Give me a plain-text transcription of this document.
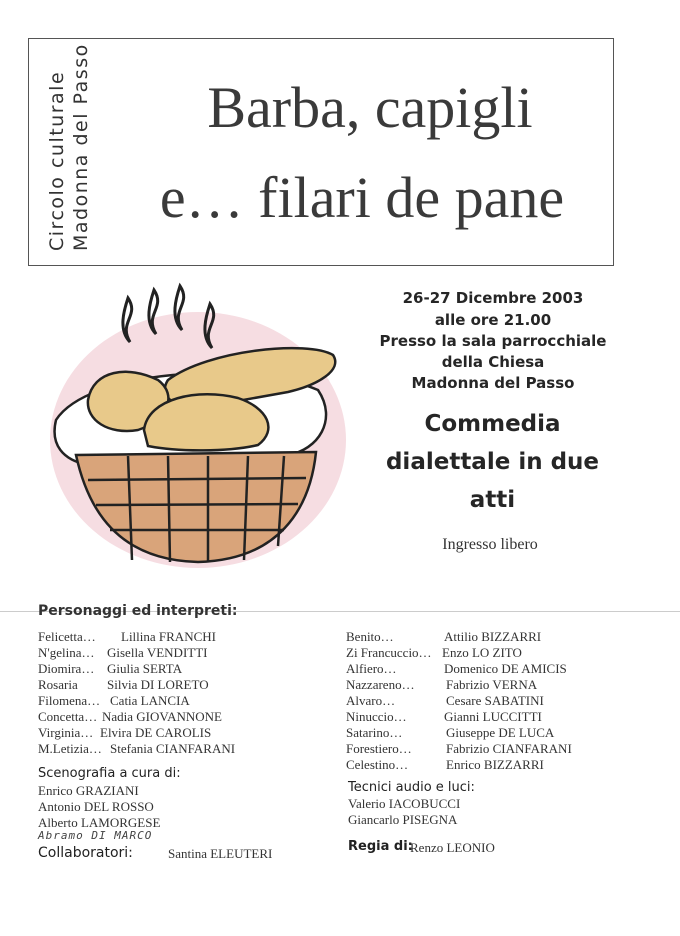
Circolo culturale Madonna del Passo	Barba, capigli
e… filari de pane
26-27 Dicembre 2003
alle ore 21.00
Presso la sala parrocchiale
della Chiesa
Madonna del Passo
Commedia
dialettale in due
atti
Ingresso libero
Personaggi ed interpreti:
Felicetta… Lillina FRANCHI
N'gelina… Gisella VENDITTI
Diomira… Giulia SERTA
Rosaria Silvia DI LORETO
Filomena… Catia LANCIA
Concetta… Nadia GIOVANNONE
Virginia… Elvira DE CAROLIS
M.Letizia… Stefania CIANFARANI
Benito…	Attilio BIZZARRI
Zi Francuccio… Enzo LO ZITO
Alfiero…	Domenico DE AMICIS
Nazzareno… Fabrizio VERNA
Alvaro…	Cesare SABATINI
Ninuccio…	Gianni LUCCITTI
Satarino…	Giuseppe DE LUCA
Forestiero…	Fabrizio CIANFARANI
Celestino…	Enrico BIZZARRI
Scenografia a cura di:
Enrico GRAZIANI
Antonio DEL ROSSO
Alberto LAMORGESE
Abramo DI MARCO
Collaboratori:	Santina ELEUTERI
Tecnici audio e luci:
Valerio IACOBUCCI
Giancarlo PISEGNA
Regia di:
Renzo LEONIO
